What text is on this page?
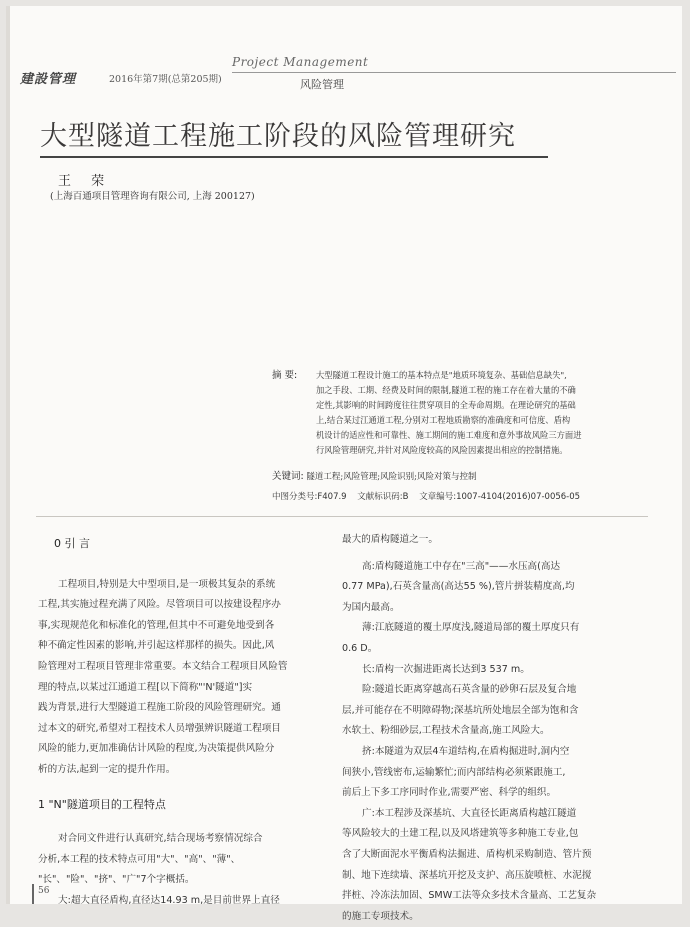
建設管理	2016年第7期(总第205期)
Project Management
风险管理
大型隧道工程施工阶段的风险管理研究
王 荣
(上海百通项目管理咨询有限公司, 上海 200127)
摘 要:	大型隧道工程设计施工的基本特点是"地质环境复杂、基础信息缺失",
加之手段、工期、经费及时间的限制,隧道工程的施工存在着大量的不确
定性,其影响的时间跨度往往贯穿项目的全寿命周期。在理论研究的基础
上,结合某过江通道工程,分别对工程地质勘察的准确度和可信度、盾构
机设计的适应性和可靠性、施工期间的施工难度和意外事故风险三方面进
行风险管理研究,并针对风险度较高的风险因素提出相应的控制措施。
关键词: 隧道工程;风险管理;风险识别;风险对策与控制
中图分类号:F407.9 文献标识码:B 文章编号:1007-4104(2016)07-0056-05
0 引 言
工程项目,特别是大中型项目,是一项极其复杂的系统
工程,其实施过程充满了风险。尽管项目可以按建设程序办
事,实现规范化和标准化的管理,但其中不可避免地受到各
种不确定性因素的影响,并引起这样那样的损失。因此,风
险管理对工程项目管理非常重要。本文结合工程项目风险管
理的特点,以某过江通道工程[以下简称"'N'隧道"]实
践为背景,进行大型隧道工程施工阶段的风险管理研究。通
过本文的研究,希望对工程技术人员增强辨识隧道工程项目
风险的能力,更加准确估计风险的程度,为决策提供风险分
析的方法,起到一定的提升作用。
1 "N"隧道项目的工程特点
对合同文件进行认真研究,结合现场考察情况综合
分析,本工程的技术特点可用"大"、"高"、"薄"、
"长"、"险"、"挤"、"广"7个字概括。
大:超大直径盾构,直径达14.93 m,是目前世界上直径
最大的盾构隧道之一。
高:盾构隧道施工中存在"三高"——水压高(高达
0.77 MPa),石英含量高(高达55 %),管片拼装精度高,均
为国内最高。
薄:江底隧道的覆土厚度浅,隧道局部的覆土厚度只有
0.6 D。
长:盾构一次掘进距离长达到3 537 m。
险:隧道长距离穿越高石英含量的砂卵石层及复合地
层,并可能存在不明障碍物;深基坑所处地层全部为饱和含
水软土、粉细砂层,工程技术含量高,施工风险大。
挤:本隧道为双层4车道结构,在盾构掘进时,洞内空
间狭小,管线密布,运输繁忙;而内部结构必须紧跟施工,
前后上下多工序同时作业,需要严密、科学的组织。
广:本工程涉及深基坑、大直径长距离盾构越江隧道
等风险较大的土建工程,以及风塔建筑等多种施工专业,包
含了大断面泥水平衡盾构法掘进、盾构机采购制造、管片预
制、地下连续墙、深基坑开挖及支护、高压旋喷桩、水泥搅
拌桩、冷冻法加固、SMW工法等众多技术含量高、工艺复杂
的施工专项技术。
56
